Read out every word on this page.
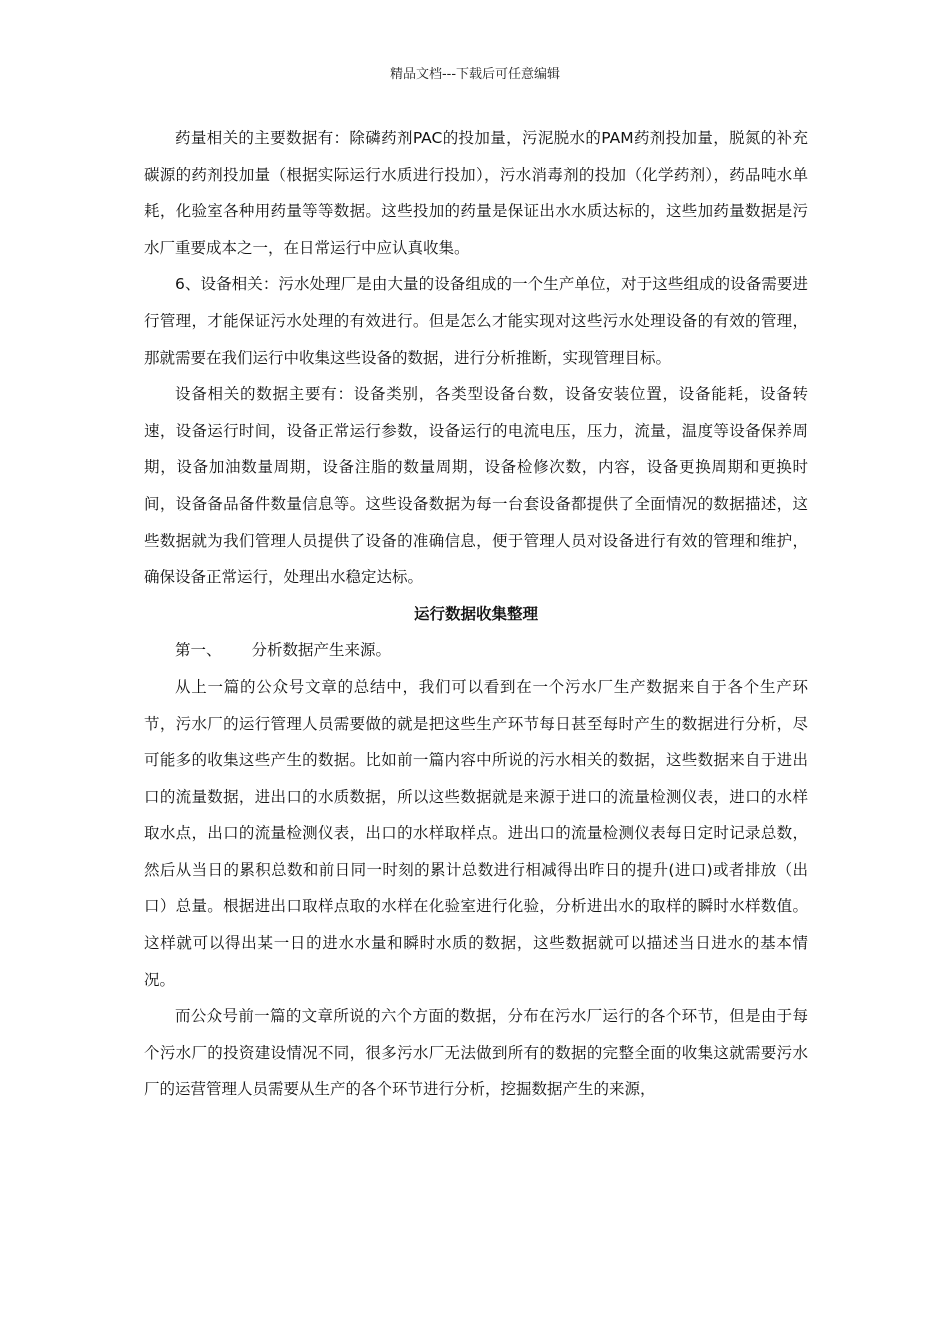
精品文档---下载后可任意编辑

药量相关的主要数据有：除磷药剂PAC的投加量，污泥脱水的PAM药剂投加量，脱氮的补充碳源的药剂投加量（根据实际运行水质进行投加），污水消毒剂的投加（化学药剂），药品吨水单耗，化验室各种用药量等等数据。这些投加的药量是保证出水水质达标的，这些加药量数据是污水厂重要成本之一，在日常运行中应认真收集。

6、设备相关：污水处理厂是由大量的设备组成的一个生产单位，对于这些组成的设备需要进行管理，才能保证污水处理的有效进行。但是怎么才能实现对这些污水处理设备的有效的管理，那就需要在我们运行中收集这些设备的数据，进行分析推断，实现管理目标。

设备相关的数据主要有：设备类别，各类型设备台数，设备安装位置，设备能耗，设备转速，设备运行时间，设备正常运行参数，设备运行的电流电压，压力，流量，温度等设备保养周期，设备加油数量周期，设备注脂的数量周期，设备检修次数，内容，设备更换周期和更换时间，设备备品备件数量信息等。这些设备数据为每一台套设备都提供了全面情况的数据描述，这些数据就为我们管理人员提供了设备的准确信息，便于管理人员对设备进行有效的管理和维护，确保设备正常运行，处理出水稳定达标。

运行数据收集整理

第一、 分析数据产生来源。

从上一篇的公众号文章的总结中，我们可以看到在一个污水厂生产数据来自于各个生产环节，污水厂的运行管理人员需要做的就是把这些生产环节每日甚至每时产生的数据进行分析，尽可能多的收集这些产生的数据。比如前一篇内容中所说的污水相关的数据，这些数据来自于进出口的流量数据，进出口的水质数据，所以这些数据就是来源于进口的流量检测仪表，进口的水样取水点，出口的流量检测仪表，出口的水样取样点。进出口的流量检测仪表每日定时记录总数，然后从当日的累积总数和前日同一时刻的累计总数进行相减得出昨日的提升(进口)或者排放（出口）总量。根据进出口取样点取的水样在化验室进行化验，分析进出水的取样的瞬时水样数值。这样就可以得出某一日的进水水量和瞬时水质的数据，这些数据就可以描述当日进水的基本情况。

而公众号前一篇的文章所说的六个方面的数据，分布在污水厂运行的各个环节，但是由于每个污水厂的投资建设情况不同，很多污水厂无法做到所有的数据的完整全面的收集这就需要污水厂的运营管理人员需要从生产的各个环节进行分析，挖掘数据产生的来源，
